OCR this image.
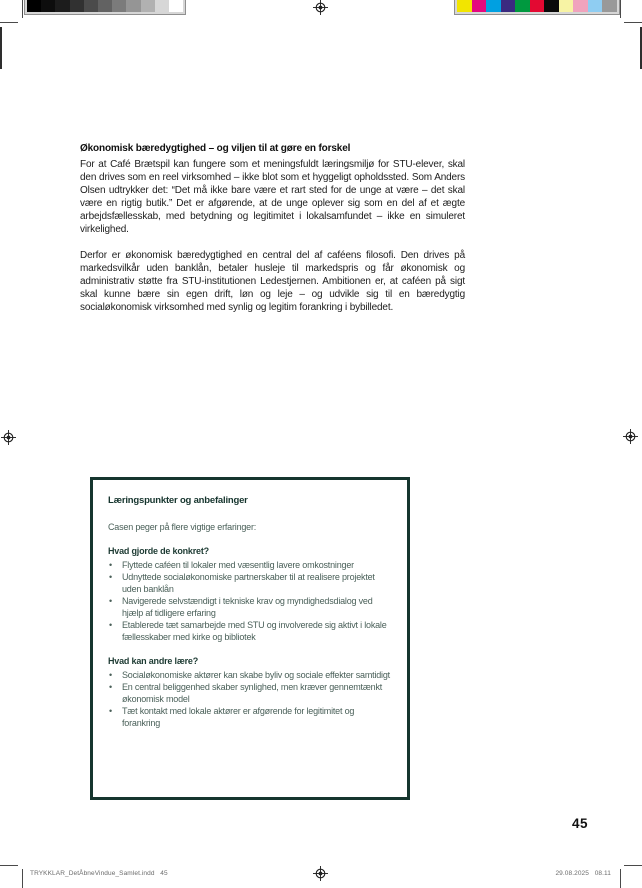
Økonomisk bæredygtighed – og viljen til at gøre en forskel

For at Café Brætspil kan fungere som et meningsfuldt læringsmiljø for STU-elever, skal den drives som en reel virksomhed – ikke blot som et hyggeligt opholdssted. Som Anders Olsen udtrykker det: “Det må ikke bare være et rart sted for de unge at være – det skal være en rigtig butik.” Det er afgørende, at de unge oplever sig som en del af et ægte arbejdsfællesskab, med betydning og legitimitet i lokalsamfundet – ikke en simuleret virkelighed.

Derfor er økonomisk bæredygtighed en central del af caféens filosofi. Den drives på markedsvilkår uden banklån, betaler husleje til markedspris og får økonomisk og administrativ støtte fra STU-institutionen Ledestjernen. Ambitionen er, at caféen på sigt skal kunne bære sin egen drift, løn og leje – og udvikle sig til en bæredygtig socialøkonomisk virksomhed med synlig og legitim forankring i bybilledet.

Læringspunkter og anbefalinger
Casen peger på flere vigtige erfaringer:
Hvad gjorde de konkret?
• Flyttede caféen til lokaler med væsentlig lavere omkostninger
• Udnyttede socialøkonomiske partnerskaber til at realisere projektet uden banklån
• Navigerede selvstændigt i tekniske krav og myndighedsdialog ved hjælp af tidligere erfaring
• Etablerede tæt samarbejde med STU og involverede sig aktivt i lokale fællesskaber med kirke og bibliotek
Hvad kan andre lære?
• Socialøkonomiske aktører kan skabe byliv og sociale effekter samtidigt
• En central beliggenhed skaber synlighed, men kræver gennemtænkt økonomisk model
• Tæt kontakt med lokale aktører er afgørende for legitimitet og forankring
45
TRYKKLAR_DetÅbneVindue_Samlet.indd   45	29.08.2025   08.11
